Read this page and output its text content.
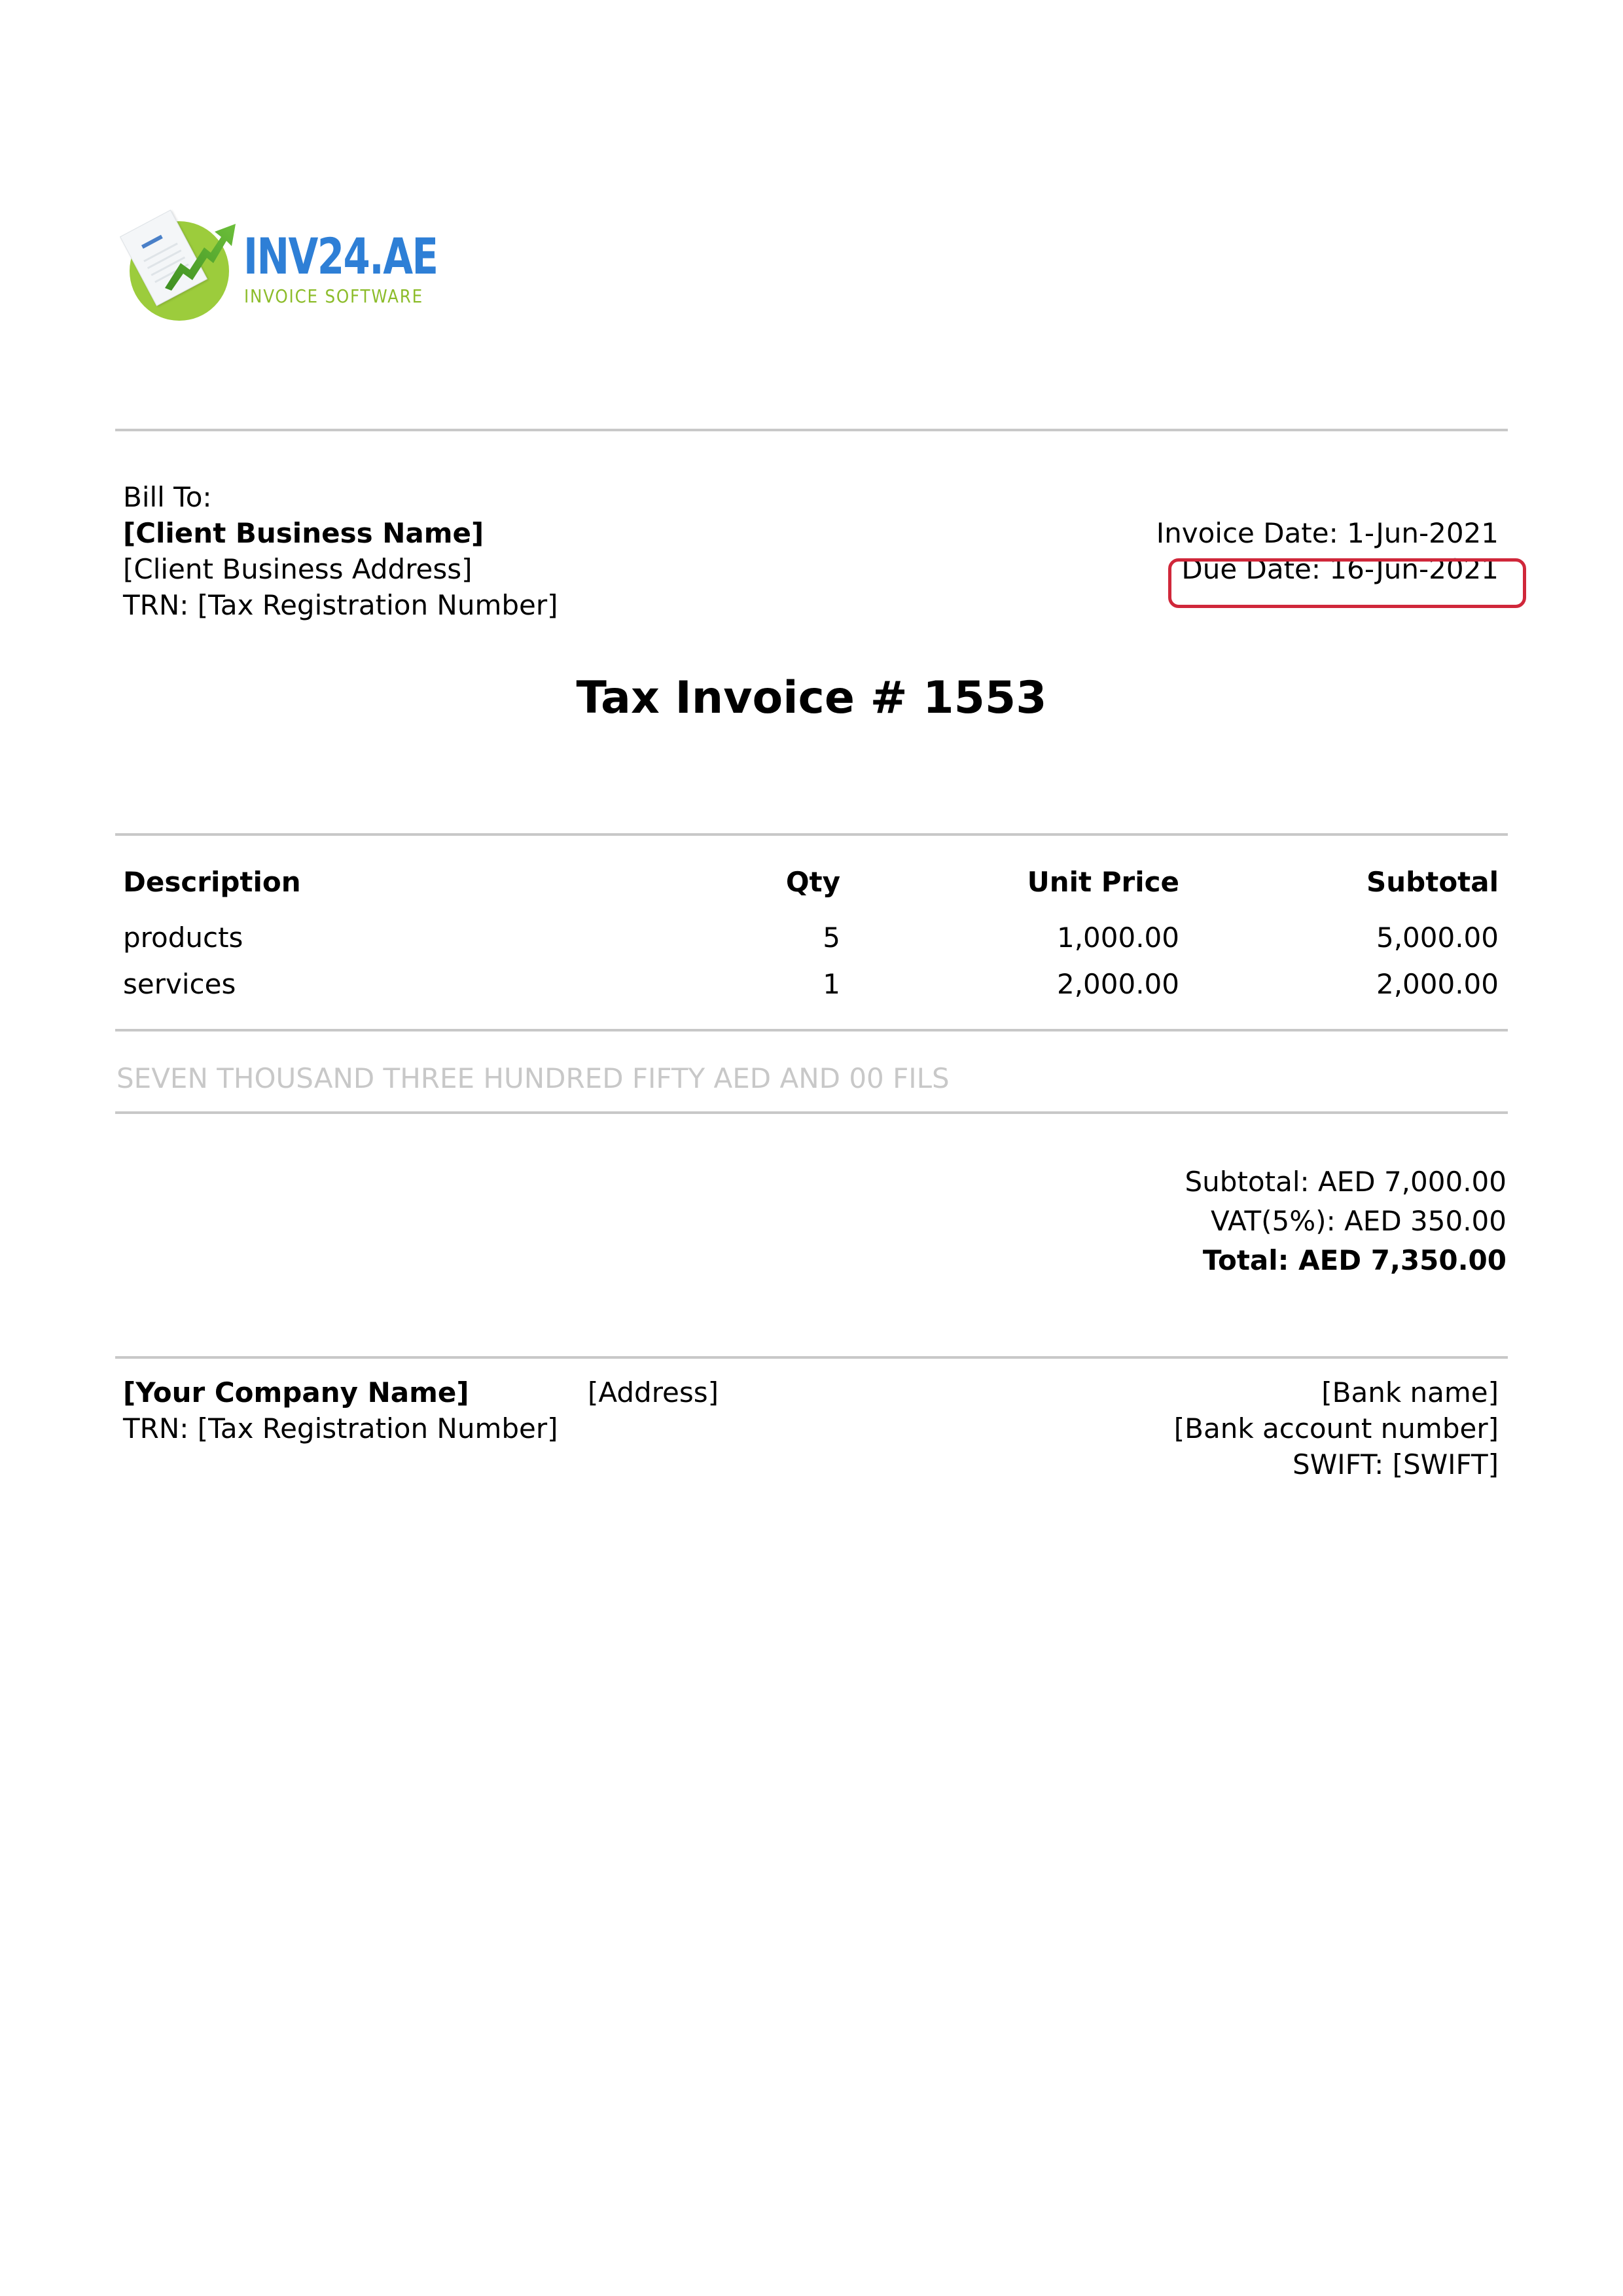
INV24.AE
INVOICE SOFTWARE
Bill To:
[Client Business Name]
[Client Business Address]
TRN: [Tax Registration Number]
Invoice Date: 1-Jun-2021
Due Date: 16-Jun-2021
Tax Invoice # 1553
Description	Qty	Unit Price	Subtotal
products	5	1,000.00	5,000.00
services	1	2,000.00	2,000.00
SEVEN THOUSAND THREE HUNDRED FIFTY AED AND 00 FILS
Subtotal: AED 7,000.00
VAT(5%): AED 350.00
Total: AED 7,350.00
[Your Company Name]
TRN: [Tax Registration Number]
[Address]	[Bank name]
[Bank account number]
SWIFT: [SWIFT]
